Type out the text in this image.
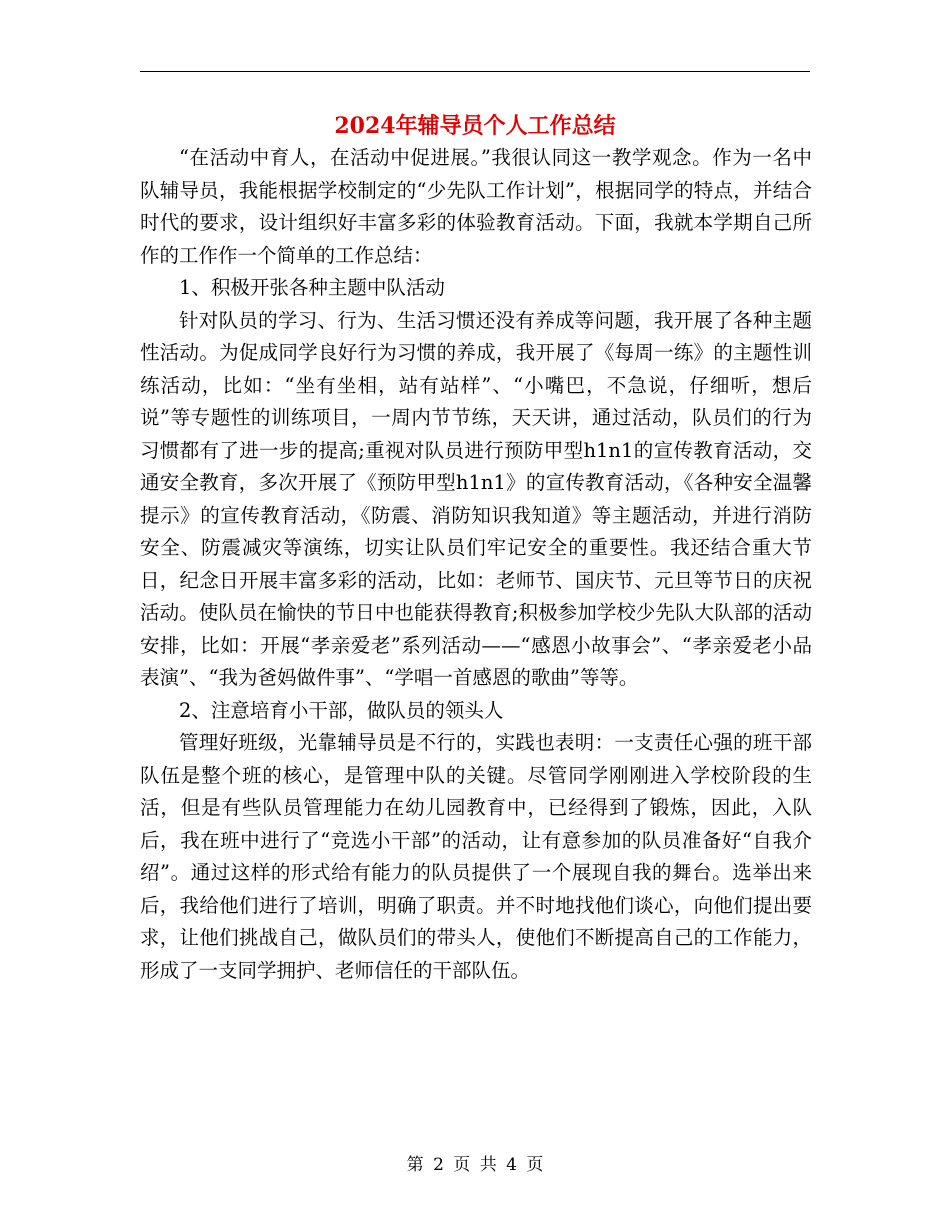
2024年辅导员个人工作总结

“在活动中育人，在活动中促进展。”我很认同这一教学观念。作为一名中队辅导员，我能根据学校制定的“少先队工作计划”，根据同学的特点，并结合时代的要求，设计组织好丰富多彩的体验教育活动。下面，我就本学期自己所作的工作作一个简单的工作总结：

1、积极开张各种主题中队活动

针对队员的学习、行为、生活习惯还没有养成等问题，我开展了各种主题性活动。为促成同学良好行为习惯的养成，我开展了《每周一练》的主题性训练活动，比如：“坐有坐相，站有站样”、“小嘴巴，不急说，仔细听，想后说”等专题性的训练项目，一周内节节练，天天讲，通过活动，队员们的行为习惯都有了进一步的提高;重视对队员进行预防甲型h1n1的宣传教育活动，交通安全教育，多次开展了《预防甲型h1n1》的宣传教育活动，《各种安全温馨提示》的宣传教育活动，《防震、消防知识我知道》等主题活动，并进行消防安全、防震减灾等演练，切实让队员们牢记安全的重要性。我还结合重大节日，纪念日开展丰富多彩的活动，比如：老师节、国庆节、元旦等节日的庆祝活动。使队员在愉快的节日中也能获得教育;积极参加学校少先队大队部的活动安排，比如：开展“孝亲爱老”系列活动——“感恩小故事会”、“孝亲爱老小品表演”、“我为爸妈做件事”、“学唱一首感恩的歌曲”等等。

2、注意培育小干部，做队员的领头人

管理好班级，光靠辅导员是不行的，实践也表明：一支责任心强的班干部队伍是整个班的核心，是管理中队的关键。尽管同学刚刚进入学校阶段的生活，但是有些队员管理能力在幼儿园教育中，已经得到了锻炼，因此，入队后，我在班中进行了“竞选小干部”的活动，让有意参加的队员准备好“自我介绍”。通过这样的形式给有能力的队员提供了一个展现自我的舞台。选举出来后，我给他们进行了培训，明确了职责。并不时地找他们谈心，向他们提出要求，让他们挑战自己，做队员们的带头人，使他们不断提高自己的工作能力，形成了一支同学拥护、老师信任的干部队伍。

第 2 页 共 4 页
